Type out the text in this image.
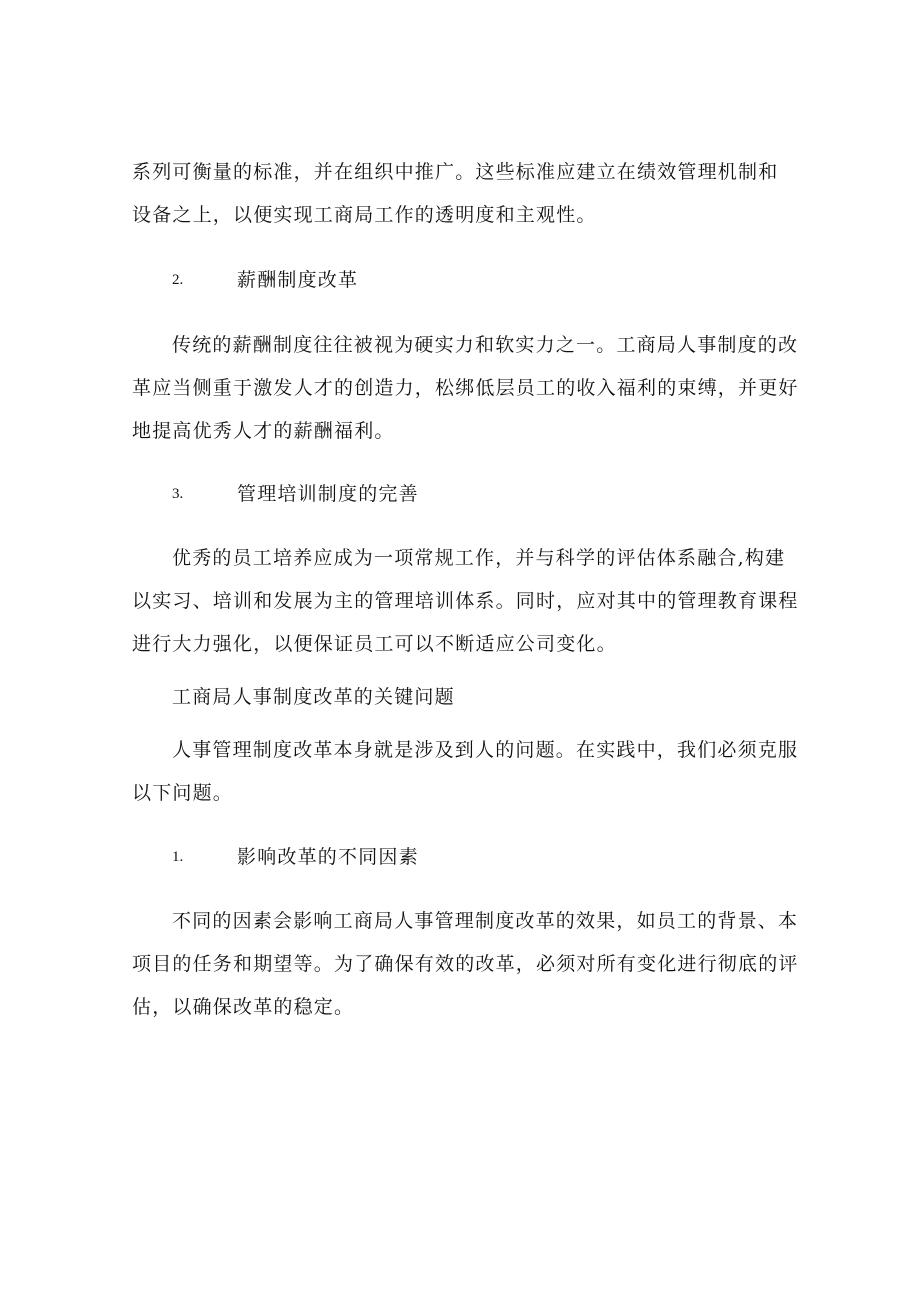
系列可衡量的标准，并在组织中推广。这些标准应建立在绩效管理机制和
设备之上，以便实现工商局工作的透明度和主观性。
2.	薪酬制度改革
传统的薪酬制度往往被视为硬实力和软实力之一。工商局人事制度的改
革应当侧重于激发人才的创造力，松绑低层员工的收入福利的束缚，并更好
地提高优秀人才的薪酬福利。
3.	管理培训制度的完善
优秀的员工培养应成为一项常规工作，并与科学的评估体系融合,构建
以实习、培训和发展为主的管理培训体系。同时，应对其中的管理教育课程
进行大力强化，以便保证员工可以不断适应公司变化。
工商局人事制度改革的关键问题
人事管理制度改革本身就是涉及到人的问题。在实践中，我们必须克服
以下问题。
1.	影响改革的不同因素
不同的因素会影响工商局人事管理制度改革的效果，如员工的背景、本
项目的任务和期望等。为了确保有效的改革，必须对所有变化进行彻底的评
估，以确保改革的稳定。
